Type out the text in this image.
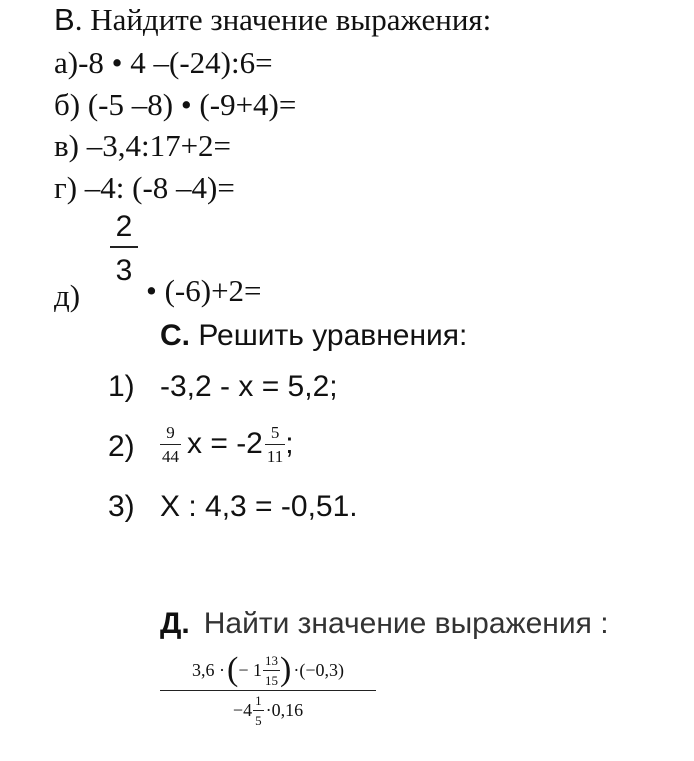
В. Найдите значение выражения:
а)-8 • 4 –(-24):6=
б) (-5 –8) • (-9+4)=
в) –3,4:17+2=
г) –4: (-8 –4)=
2
3
д) • (-6)+2=
С. Решить уравнения:
1) -3,2 - x = 5,2;
$2) \frac{9}{44}$ $x = -2 \frac{5}{11}$ ;
3) X : 4,3 = -0,51.
Д. Найти значение выражения :
3,6 · ( − $1 \frac{13}{15}$ ) ·(−0,3)
$-4 \frac{1}{5} \cdot 0,16$
